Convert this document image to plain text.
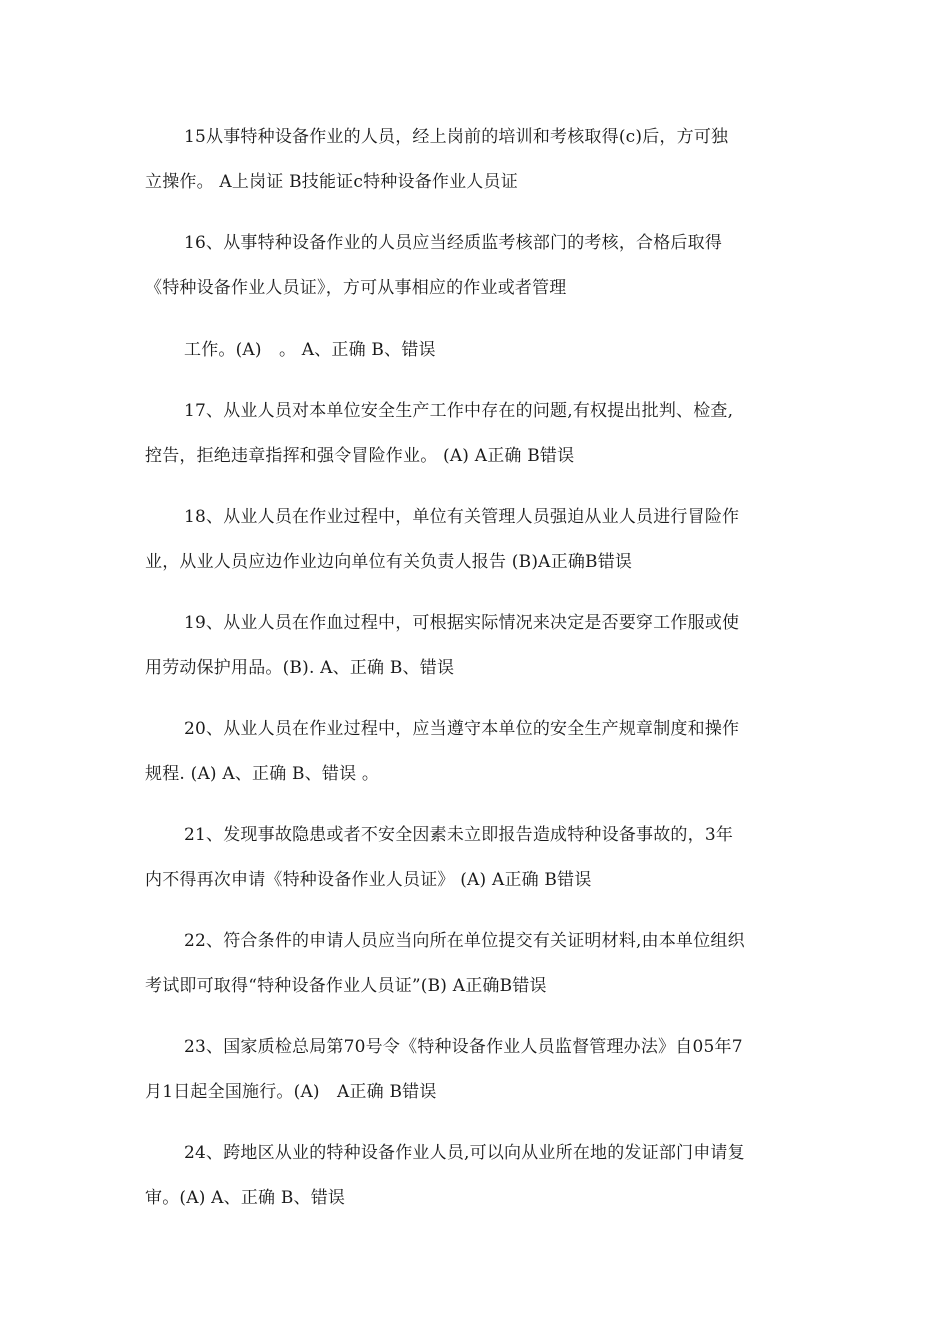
15从事特种设备作业的人员，经上岗前的培训和考核取得(c)后，方可独
立操作。 A上岗证 B技能证c特种设备作业人员证
16、从事特种设备作业的人员应当经质监考核部门的考核，合格后取得
《特种设备作业人员证》，方可从事相应的作业或者管理
工作。(A)　。 A、正确 B、错误
17、从业人员对本单位安全生产工作中存在的问题,有权提出批判、检查,
控告，拒绝违章指挥和强令冒险作业。 (A) A正确 B错误
18、从业人员在作业过程中，单位有关管理人员强迫从业人员进行冒险作
业，从业人员应边作业边向单位有关负责人报告 (B)A正确B错误
19、从业人员在作血过程中，可根据实际情况来决定是否要穿工作服或使
用劳动保护用品。(B). A、正确 B、错误
20、从业人员在作业过程中，应当遵守本单位的安全生产规章制度和操作
规程. (A) A、正确 B、错误 。
21、发现事故隐患或者不安全因素未立即报告造成特种设备事故的，3年
内不得再次申请《特种设备作业人员证》 (A) A正确 B错误
22、符合条件的申请人员应当向所在单位提交有关证明材料,由本单位组织
考试即可取得“特种设备作业人员证”(B) A正确B错误
23、国家质检总局第70号令《特种设备作业人员监督管理办法》自05年7
月1日起全国施行。(A)　A正确 B错误
24、跨地区从业的特种设备作业人员,可以向从业所在地的发证部门申请复
审。(A) A、正确 B、错误
